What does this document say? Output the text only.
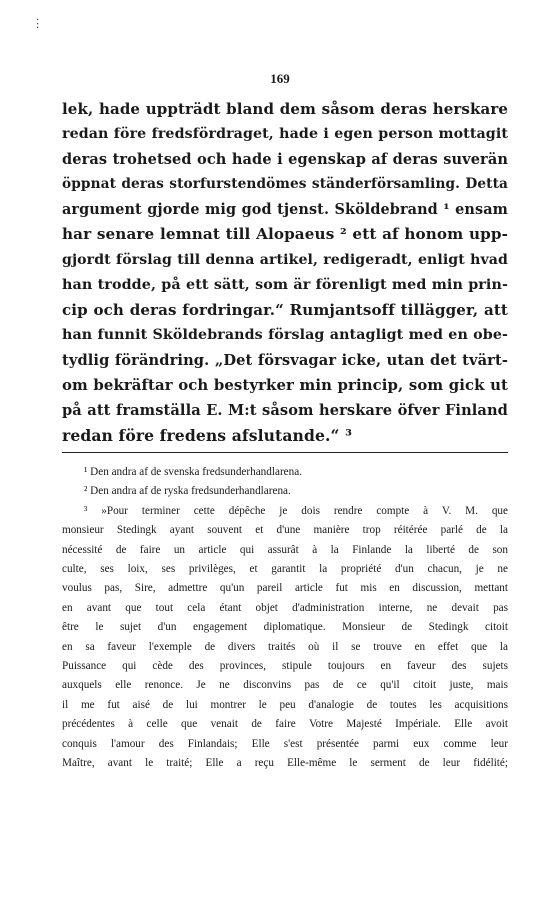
.
:
169
lek, hade uppträdt bland dem såsom deras herskare
redan före fredsfördraget, hade i egen person mottagit
deras trohetsed och hade i egenskap af deras suverän
öppnat deras storfurstendömes ständerförsamling. Detta
argument gjorde mig god tjenst. Sköldebrand ¹ ensam
har senare lemnat till Alopaeus ² ett af honom upp-
gjordt förslag till denna artikel, redigeradt, enligt hvad
han trodde, på ett sätt, som är förenligt med min prin-
cip och deras fordringar.“ Rumjantsoff tillägger, att
han funnit Sköldebrands förslag antagligt med en obe-
tydlig förändring. „Det försvagar icke, utan det tvärt-
om bekräftar och bestyrker min princip, som gick ut
på att framställa E. M:t såsom herskare öfver Finland
redan före fredens afslutande.“ ³
¹ Den andra af de svenska fredsunderhandlarena.
² Den andra af de ryska fredsunderhandlarena.
³ »Pour terminer cette dépêche je dois rendre compte à V. M. que
monsieur Stedingk ayant souvent et d'une manière trop réitérée parlé de la
nécessité de faire un article qui assurât à la Finlande la liberté de son
culte, ses loix, ses privilèges, et garantit la propriété d'un chacun, je ne
voulus pas, Sire, admettre qu'un pareil article fut mis en discussion, mettant
en avant que tout cela étant objet d'administration interne, ne devait pas
être le sujet d'un engagement diplomatique. Monsieur de Stedingk citoit
en sa faveur l'exemple de divers traités où il se trouve en effet que la
Puissance qui cède des provinces, stipule toujours en faveur des sujets
auxquels elle renonce. Je ne disconvins pas de ce qu'il citoit juste, mais
il me fut aisé de lui montrer le peu d'analogie de toutes les acquisitions
précédentes à celle que venait de faire Votre Majesté Impériale. Elle avoit
conquis l'amour des Finlandais; Elle s'est présentée parmi eux comme leur
Maître, avant le traité; Elle a reçu Elle-même le serment de leur fidélité;
